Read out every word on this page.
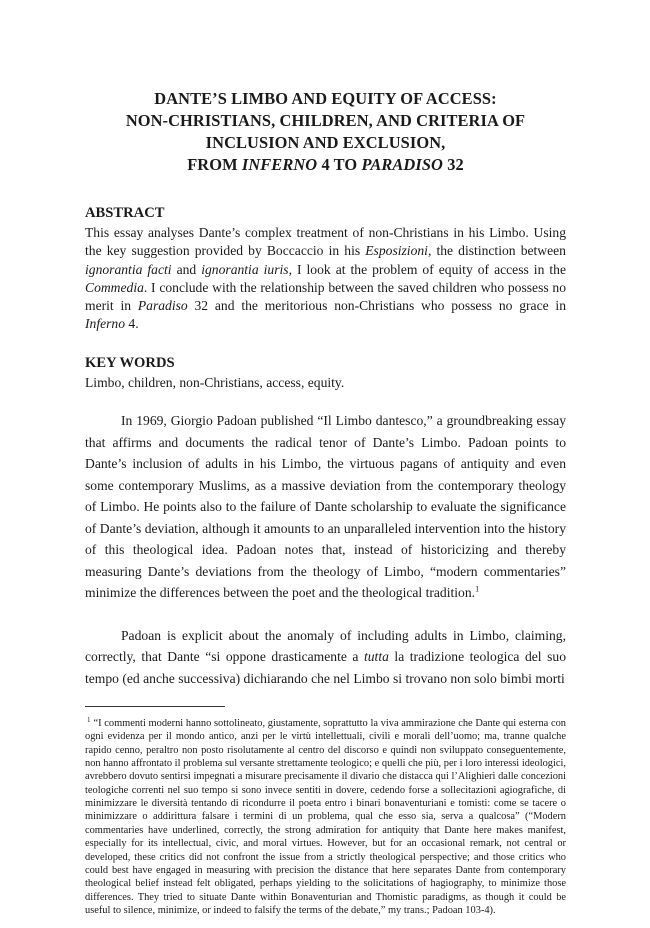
DANTE’S LIMBO AND EQUITY OF ACCESS:
NON-CHRISTIANS, CHILDREN, AND CRITERIA OF
INCLUSION AND EXCLUSION,
FROM INFERNO 4 TO PARADISO 32
ABSTRACT

This essay analyses Dante’s complex treatment of non-Christians in his Limbo. Using the key suggestion provided by Boccaccio in his Esposizioni, the distinction between ignorantia facti and ignorantia iuris, I look at the problem of equity of access in the Commedia. I conclude with the relationship between the saved children who possess no merit in Paradiso 32 and the meritorious non-Christians who possess no grace in Inferno 4.

KEY WORDS

Limbo, children, non-Christians, access, equity.

In 1969, Giorgio Padoan published “Il Limbo dantesco,” a groundbreaking essay that affirms and documents the radical tenor of Dante’s Limbo. Padoan points to Dante’s inclusion of adults in his Limbo, the virtuous pagans of antiquity and even some contemporary Muslims, as a massive deviation from the contemporary theology of Limbo. He points also to the failure of Dante scholarship to evaluate the significance of Dante’s deviation, although it amounts to an unparalleled intervention into the history of this theological idea. Padoan notes that, instead of historicizing and thereby measuring Dante’s deviations from the theology of Limbo, “modern commentaries” minimize the differences between the poet and the theological tradition.$^1$

Padoan is explicit about the anomaly of including adults in Limbo, claiming, correctly, that Dante “si oppone drasticamente a tutta la tradizione teologica del suo tempo (ed anche successiva) dichiarando che nel Limbo si trovano non solo bimbi morti

$^1$ “I commenti moderni hanno sottolineato, giustamente, soprattutto la viva ammirazione che Dante qui esterna con ogni evidenza per il mondo antico, anzi per le virtù intellettuali, civili e morali dell’uomo; ma, tranne qualche rapido cenno, peraltro non posto risolutamente al centro del discorso e quindi non sviluppato conseguentemente, non hanno affrontato il problema sul versante strettamente teologico; e quelli che più, per i loro interessi ideologici, avrebbero dovuto sentirsi impegnati a misurare precisamente il divario che distacca qui l’Alighieri dalle concezioni teologiche correnti nel suo tempo si sono invece sentiti in dovere, cedendo forse a sollecitazioni agiografiche, di minimizzare le diversità tentando di ricondurre il poeta entro i binari bonaventuriani e tomisti: come se tacere o minimizzare o addirittura falsare i termini di un problema, qual che esso sia, serva a qualcosa” (“Modern commentaries have underlined, correctly, the strong admiration for antiquity that Dante here makes manifest, especially for its intellectual, civic, and moral virtues. However, but for an occasional remark, not central or developed, these critics did not confront the issue from a strictly theological perspective; and those critics who could best have engaged in measuring with precision the distance that here separates Dante from contemporary theological belief instead felt obligated, perhaps yielding to the solicitations of hagiography, to minimize those differences. They tried to situate Dante within Bonaventurian and Thomistic paradigms, as though it could be useful to silence, minimize, or indeed to falsify the terms of the debate,” my trans.; Padoan 103-4).
